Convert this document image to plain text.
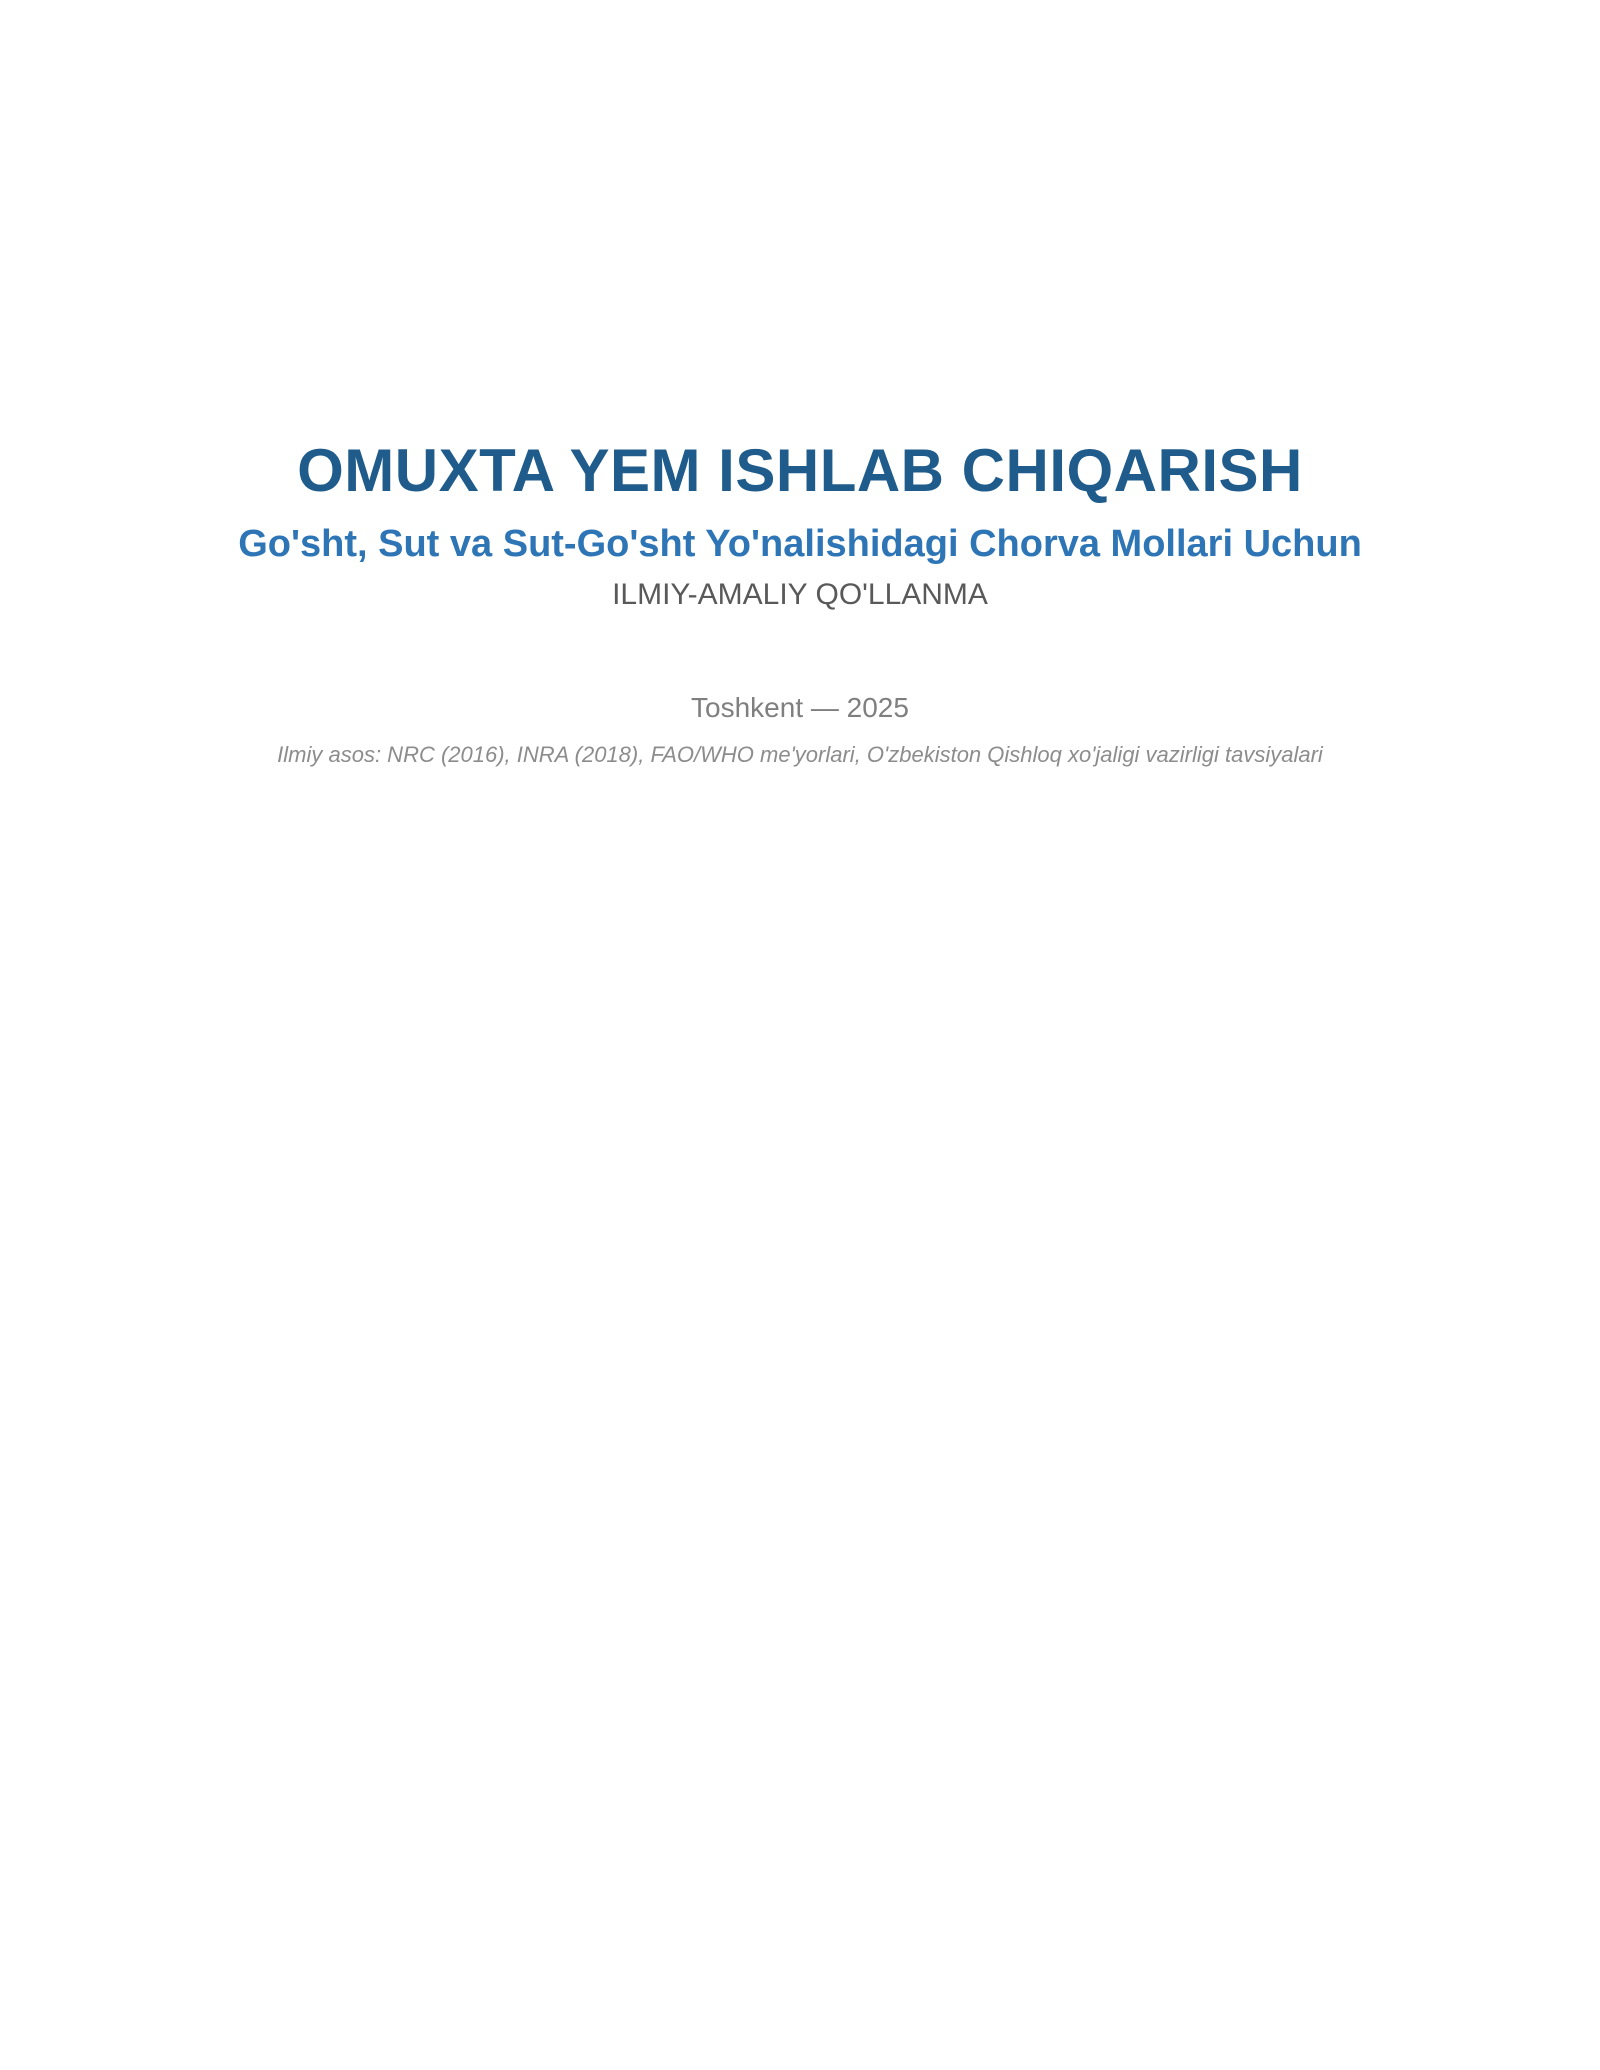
OMUXTA YEM ISHLAB CHIQARISH
Go'sht, Sut va Sut-Go'sht Yo'nalishidagi Chorva Mollari Uchun
ILMIY-AMALIY QO'LLANMA
Toshkent — 2025
Ilmiy asos: NRC (2016), INRA (2018), FAO/WHO me'yorlari, O'zbekiston Qishloq xo'jaligi vazirligi tavsiyalari
